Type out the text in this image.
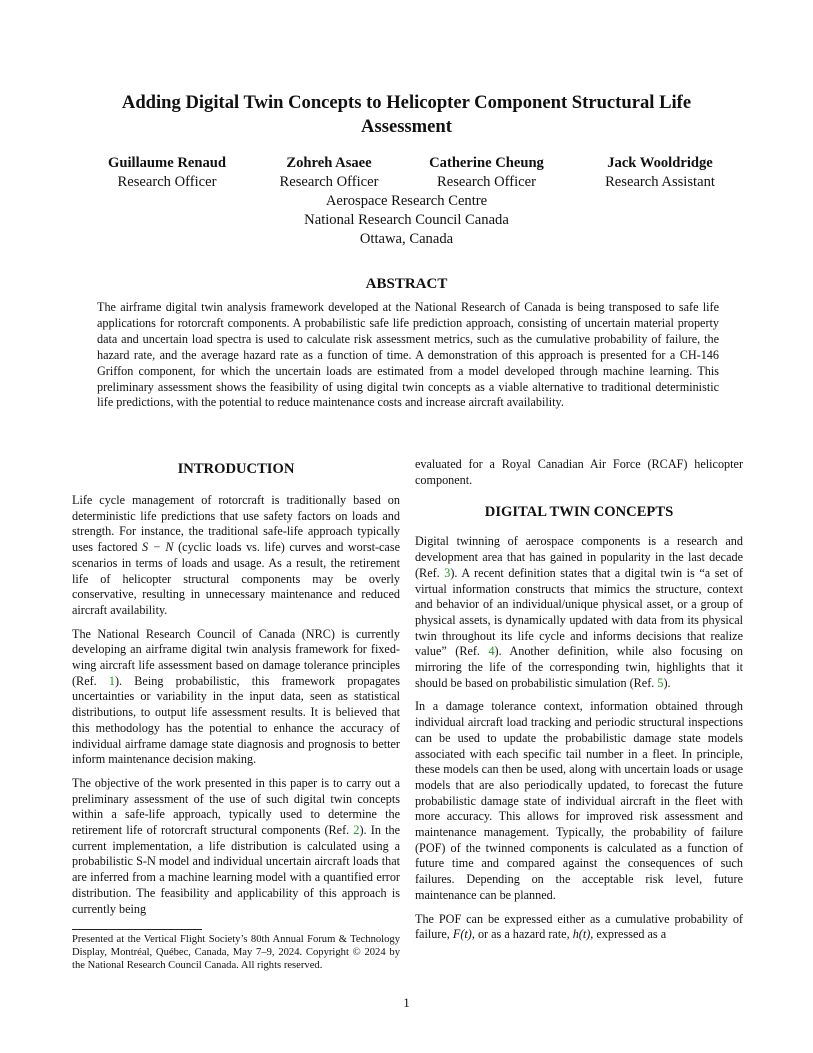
Adding Digital Twin Concepts to Helicopter Component Structural Life Assessment
Guillaume Renaud
Research Officer
Zohreh Asaee
Research Officer
Catherine Cheung
Research Officer
Jack Wooldridge
Research Assistant
Aerospace Research Centre
National Research Council Canada
Ottawa, Canada
ABSTRACT

The airframe digital twin analysis framework developed at the National Research of Canada is being transposed to safe life applications for rotorcraft components. A probabilistic safe life prediction approach, consisting of uncertain material property data and uncertain load spectra is used to calculate risk assessment metrics, such as the cumulative probability of failure, the hazard rate, and the average hazard rate as a function of time. A demonstration of this approach is presented for a CH-146 Griffon component, for which the uncertain loads are estimated from a model developed through machine learning. This preliminary assessment shows the feasibility of using digital twin concepts as a viable alternative to traditional deterministic life predictions, with the potential to reduce maintenance costs and increase aircraft availability.

INTRODUCTION

Life cycle management of rotorcraft is traditionally based on deterministic life predictions that use safety factors on loads and strength. For instance, the traditional safe-life approach typically uses factored S − N (cyclic loads vs. life) curves and worst-case scenarios in terms of loads and usage. As a result, the retirement life of helicopter structural components may be overly conservative, resulting in unnecessary maintenance and reduced aircraft availability.

The National Research Council of Canada (NRC) is currently developing an airframe digital twin analysis framework for fixed-wing aircraft life assessment based on damage tolerance principles (Ref. 1). Being probabilistic, this framework propagates uncertainties or variability in the input data, seen as statistical distributions, to output life assessment results. It is believed that this methodology has the potential to enhance the accuracy of individual airframe damage state diagnosis and prognosis to better inform maintenance decision making.

The objective of the work presented in this paper is to carry out a preliminary assessment of the use of such digital twin concepts within a safe-life approach, typically used to determine the retirement life of rotorcraft structural components (Ref. 2). In the current implementation, a life distribution is calculated using a probabilistic S-N model and individual uncertain aircraft loads that are inferred from a machine learning model with a quantified error distribution. The feasibility and applicability of this approach is currently being

evaluated for a Royal Canadian Air Force (RCAF) helicopter component.

DIGITAL TWIN CONCEPTS

Digital twinning of aerospace components is a research and development area that has gained in popularity in the last decade (Ref. 3). A recent definition states that a digital twin is “a set of virtual information constructs that mimics the structure, context and behavior of an individual/unique physical asset, or a group of physical assets, is dynamically updated with data from its physical twin throughout its life cycle and informs decisions that realize value” (Ref. 4). Another definition, while also focusing on mirroring the life of the corresponding twin, highlights that it should be based on probabilistic simulation (Ref. 5).

In a damage tolerance context, information obtained through individual aircraft load tracking and periodic structural inspections can be used to update the probabilistic damage state models associated with each specific tail number in a fleet. In principle, these models can then be used, along with uncertain loads or usage models that are also periodically updated, to forecast the future probabilistic damage state of individual aircraft in the fleet with more accuracy. This allows for improved risk assessment and maintenance management. Typically, the probability of failure (POF) of the twinned components is calculated as a function of future time and compared against the consequences of such failures. Depending on the acceptable risk level, future maintenance can be planned.

The POF can be expressed either as a cumulative probability of failure, F(t), or as a hazard rate, h(t), expressed as a

Presented at the Vertical Flight Society’s 80th Annual Forum & Technology Display, Montréal, Québec, Canada, May 7–9, 2024. Copyright © 2024 by the National Research Council Canada. All rights reserved.
1
